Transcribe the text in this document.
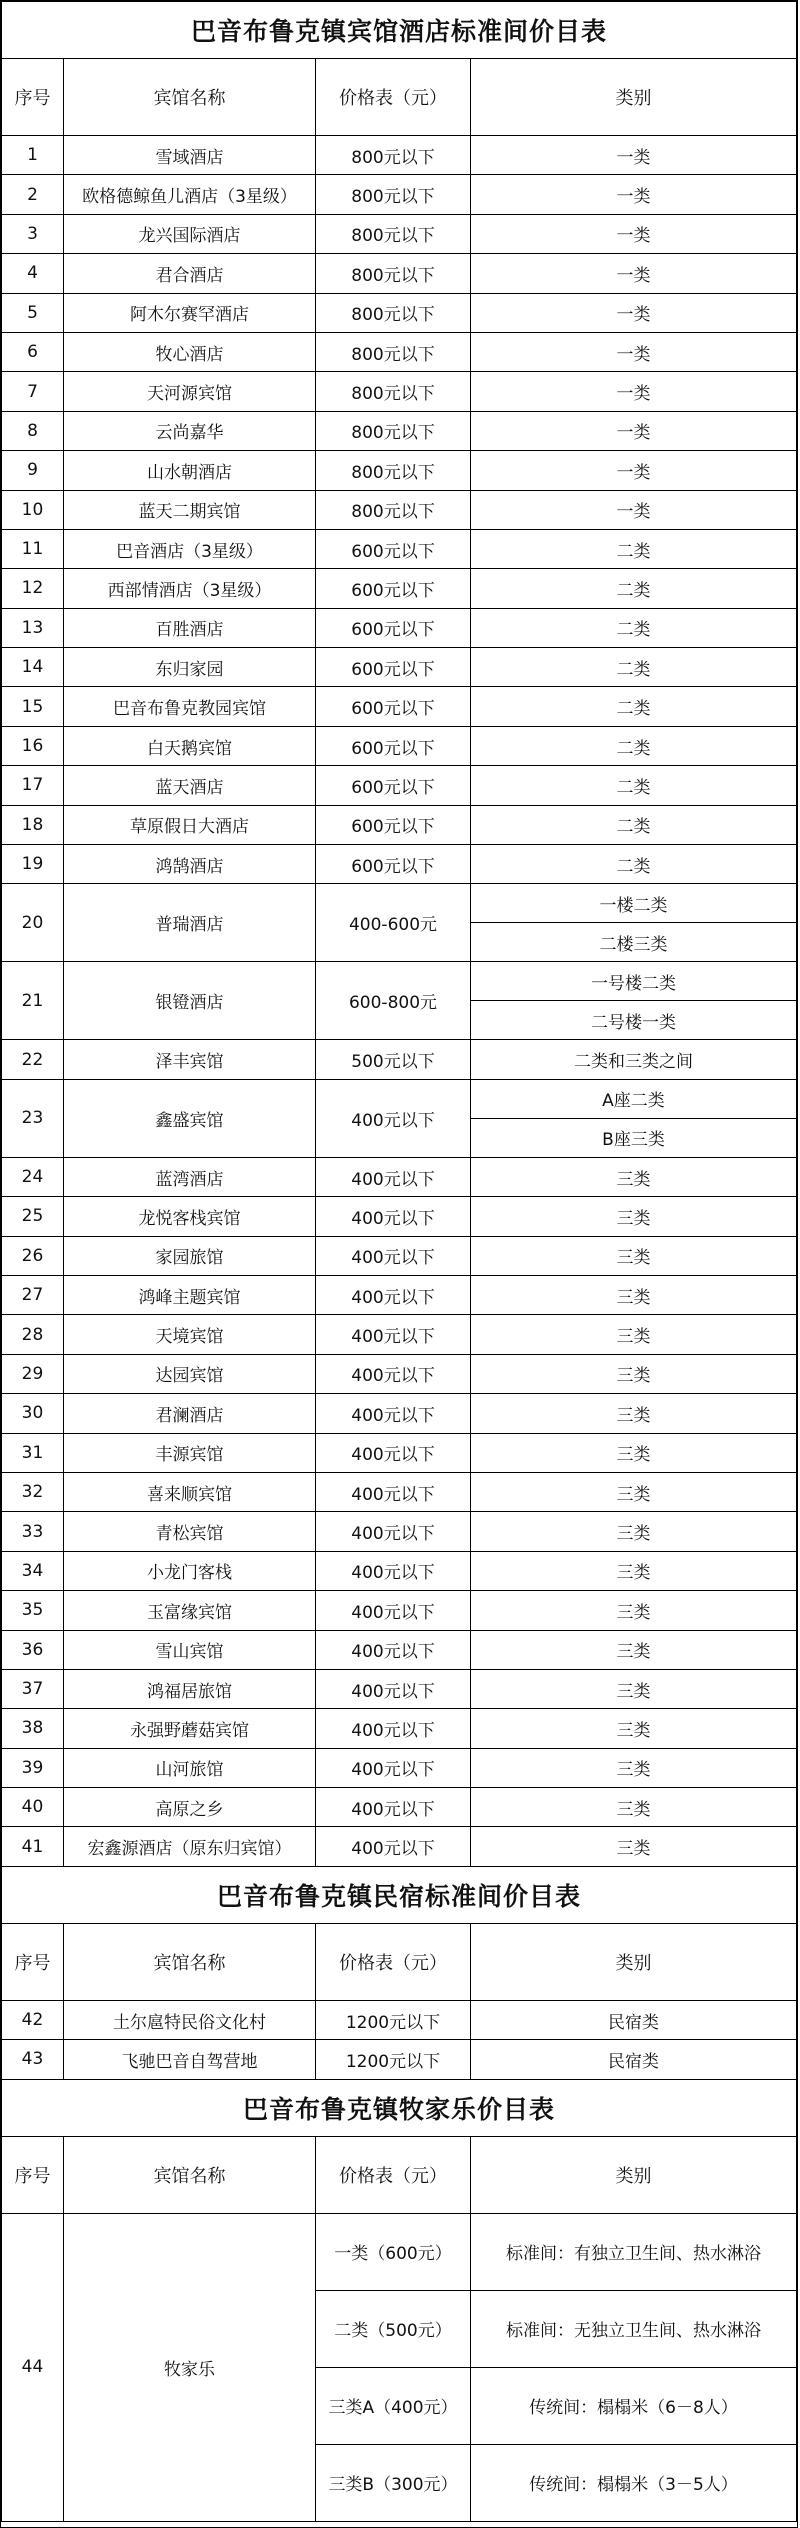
巴音布鲁克镇宾馆酒店标准间价目表			
序号	宾馆名称	价格表（元）	类别
1	雪域酒店	800元以下	一类
2	欧格德鲸鱼儿酒店（3星级）	800元以下	一类
3	龙兴国际酒店	800元以下	一类
4	君合酒店	800元以下	一类
5	阿木尔赛罕酒店	800元以下	一类
6	牧心酒店	800元以下	一类
7	天河源宾馆	800元以下	一类
8	云尚嘉华	800元以下	一类
9	山水朝酒店	800元以下	一类
10	蓝天二期宾馆	800元以下	一类
11	巴音酒店（3星级）	600元以下	二类
12	西部情酒店（3星级）	600元以下	二类
13	百胜酒店	600元以下	二类
14	东归家园	600元以下	二类
15	巴音布鲁克教园宾馆	600元以下	二类
16	白天鹅宾馆	600元以下	二类
17	蓝天酒店	600元以下	二类
18	草原假日大酒店	600元以下	二类
19	鸿鹄酒店	600元以下	二类
20	普瑞酒店	400-600元	一楼二类
			二楼三类
21	银镫酒店	600-800元	一号楼二类
			二号楼一类
22	泽丰宾馆	500元以下	二类和三类之间
23	鑫盛宾馆	400元以下	A座二类
			B座三类
24	蓝湾酒店	400元以下	三类
25	龙悦客栈宾馆	400元以下	三类
26	家园旅馆	400元以下	三类
27	鸿峰主题宾馆	400元以下	三类
28	天境宾馆	400元以下	三类
29	达园宾馆	400元以下	三类
30	君澜酒店	400元以下	三类
31	丰源宾馆	400元以下	三类
32	喜来顺宾馆	400元以下	三类
33	青松宾馆	400元以下	三类
34	小龙门客栈	400元以下	三类
35	玉富缘宾馆	400元以下	三类
36	雪山宾馆	400元以下	三类
37	鸿福居旅馆	400元以下	三类
38	永强野蘑菇宾馆	400元以下	三类
39	山河旅馆	400元以下	三类
40	高原之乡	400元以下	三类
41	宏鑫源酒店（原东归宾馆）	400元以下	三类
巴音布鲁克镇民宿标准间价目表			
序号	宾馆名称	价格表（元）	类别
42	土尔扈特民俗文化村	1200元以下	民宿类
43	飞驰巴音自驾营地	1200元以下	民宿类
巴音布鲁克镇牧家乐价目表			
序号	宾馆名称	价格表（元）	类别
44	牧家乐	一类（600元）	标准间：有独立卫生间、热水淋浴
		二类（500元）	标准间：无独立卫生间、热水淋浴
		三类A（400元）	传统间：榻榻米（6－8人）
		三类B（300元）	传统间：榻榻米（3－5人）
